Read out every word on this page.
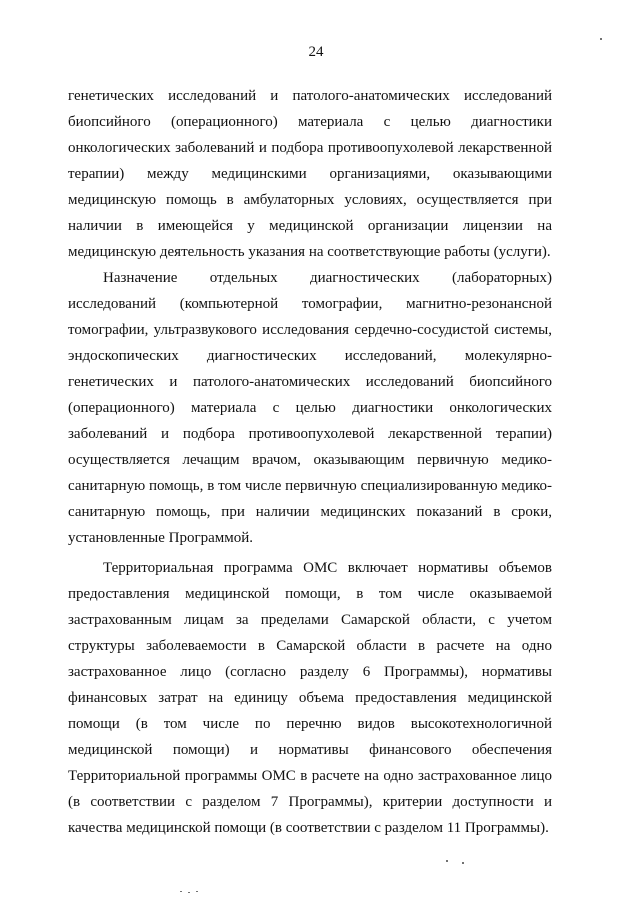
24
генетических исследований и патолого-анатомических исследований
биопсийного (операционного) материала с целью диагностики
онкологических заболеваний и подбора противоопухолевой лекарственной
терапии) между медицинскими организациями, оказывающими
медицинскую помощь в амбулаторных условиях, осуществляется при
наличии в имеющейся у медицинской организации лицензии на
медицинскую деятельность указания на соответствующие работы (услуги).
Назначение отдельных диагностических (лабораторных)
исследований (компьютерной томографии, магнитно-резонансной
томографии, ультразвукового исследования сердечно-сосудистой системы,
эндоскопических диагностических исследований, молекулярно-
генетических и патолого-анатомических исследований биопсийного
(операционного) материала с целью диагностики онкологических
заболеваний и подбора противоопухолевой лекарственной терапии)
осуществляется лечащим врачом, оказывающим первичную медико-
санитарную помощь, в том числе первичную специализированную медико-
санитарную помощь, при наличии медицинских показаний в сроки,
установленные Программой.
Территориальная программа ОМС включает нормативы объемов
предоставления медицинской помощи, в том числе оказываемой
застрахованным лицам за пределами Самарской области, с учетом
структуры заболеваемости в Самарской области в расчете на одно
застрахованное лицо (согласно разделу 6 Программы), нормативы
финансовых затрат на единицу объема предоставления медицинской
помощи (в том числе по перечню видов высокотехнологичной
медицинской помощи) и нормативы финансового обеспечения
Территориальной программы ОМС в расчете на одно застрахованное лицо
(в соответствии с разделом 7 Программы), критерии доступности и
качества медицинской помощи (в соответствии с разделом 11 Программы).
